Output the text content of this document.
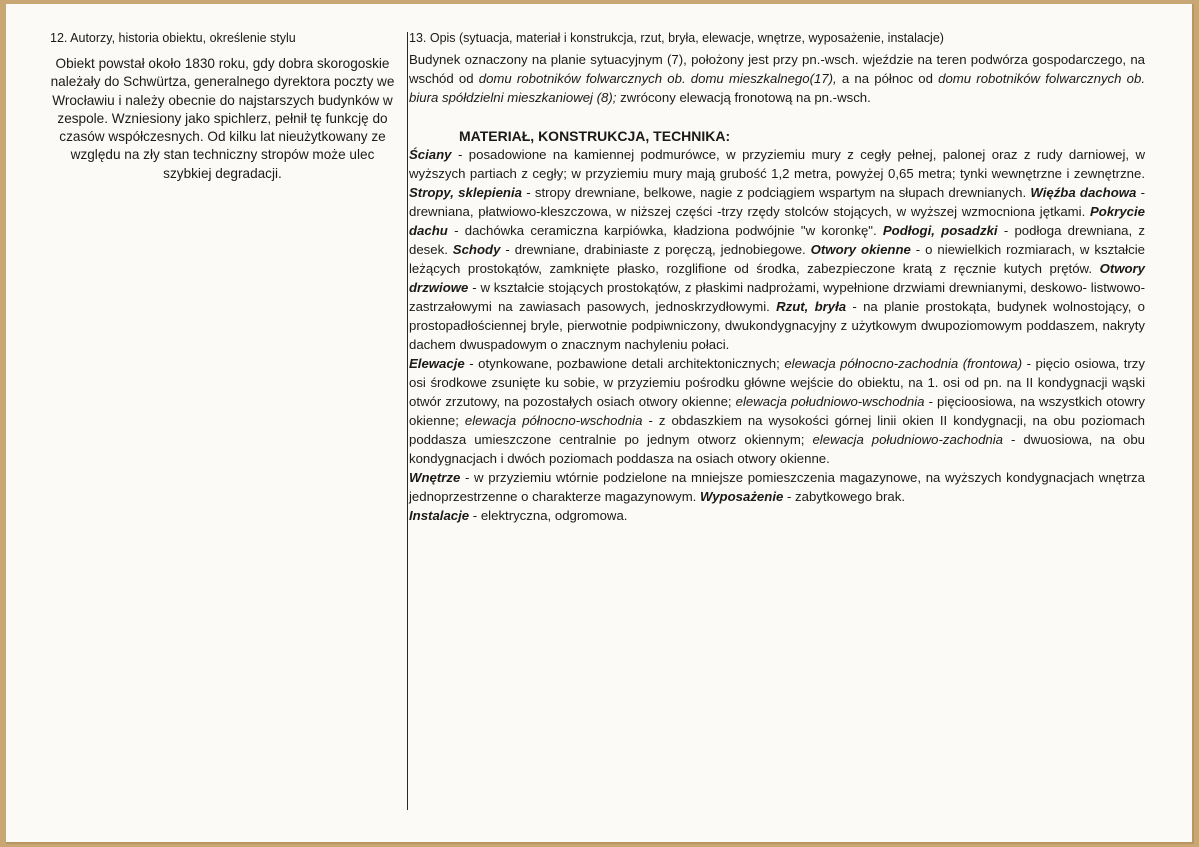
12. Autorzy, historia obiektu, określenie stylu

Obiekt powstał około 1830 roku, gdy dobra skorogoskie należały do Schwürtza, generalnego dyrektora poczty we Wrocławiu i należy obecnie do najstarszych budynków w zespole. Wzniesiony jako spichlerz, pełnił tę funkcję do czasów współczesnych. Od kilku lat nieużytkowany ze względu na zły stan techniczny stropów może ulec szybkiej degradacji.

13. Opis (sytuacja, materiał i konstrukcja, rzut, bryła, elewacje, wnętrze, wyposażenie, instalacje)

Budynek oznaczony na planie sytuacyjnym (7), położony jest przy pn.-wsch. wjeździe na teren podwórza gospodarczego, na wschód od domu robotników folwarcznych ob. domu mieszkalnego(17), a na północ od domu robotników folwarcznych ob. biura spółdzielni mieszkaniowej (8); zwrócony elewacją fronotową na pn.-wsch.

MATERIAŁ, KONSTRUKCJA, TECHNIKA:

Ściany - posadowione na kamiennej podmurówce, w przyziemiu mury z cegły pełnej, palonej oraz z rudy darniowej, w wyższych partiach z cegły; w przyziemiu mury mają grubość 1,2 metra, powyżej 0,65 metra; tynki wewnętrzne i zewnętrzne. Stropy, sklepienia - stropy drewniane, belkowe, nagie z podciągiem wspartym na słupach drewnianych. Więźba dachowa - drewniana, płatwiowo-kleszczowa, w niższej części -trzy rzędy stolców stojących, w wyższej wzmocniona jętkami. Pokrycie dachu - dachówka ceramiczna karpiówka, kładziona podwójnie "w koronkę". Podłogi, posadzki - podłoga drewniana, z desek. Schody - drewniane, drabiniaste z poręczą, jednobiegowe. Otwory okienne - o niewielkich rozmiarach, w kształcie leżących prostokątów, zamknięte płasko, rozglifione od środka, zabezpieczone kratą z ręcznie kutych prętów. Otwory drzwiowe - w kształcie stojących prostokątów, z płaskimi nadprożami, wypełnione drzwiami drewnianymi, deskowo- listwowo-zastrzałowymi na zawiasach pasowych, jednoskrzydłowymi. Rzut, bryła - na planie prostokąta, budynek wolnostojący, o prostopadłościennej bryle, pierwotnie podpiwniczony, dwukondygnacyjny z użytkowym dwupoziomowym poddaszem, nakryty dachem dwuspadowym o znacznym nachyleniu połaci.

Elewacje - otynkowane, pozbawione detali architektonicznych; elewacja północno-zachodnia (frontowa) - pięcio osiowa, trzy osi środkowe zsunięte ku sobie, w przyziemiu pośrodku główne wejście do obiektu, na 1. osi od pn. na II kondygnacji wąski otwór zrzutowy, na pozostałych osiach otwory okienne; elewacja południowo-wschodnia - pięcioosiowa, na wszystkich otowry okienne; elewacja północno-wschodnia - z obdaszkiem na wysokości górnej linii okien II kondygnacji, na obu poziomach poddasza umieszczone centralnie po jednym otworz okiennym; elewacja południowo-zachodnia - dwuosiowa, na obu kondygnacjach i dwóch poziomach poddasza na osiach otwory okienne.

Wnętrze - w przyziemiu wtórnie podzielone na mniejsze pomieszczenia magazynowe, na wyższych kondygnacjach wnętrza jednoprzestrzenne o charakterze magazynowym. Wyposażenie - zabytkowego brak.

Instalacje - elektryczna, odgromowa.
